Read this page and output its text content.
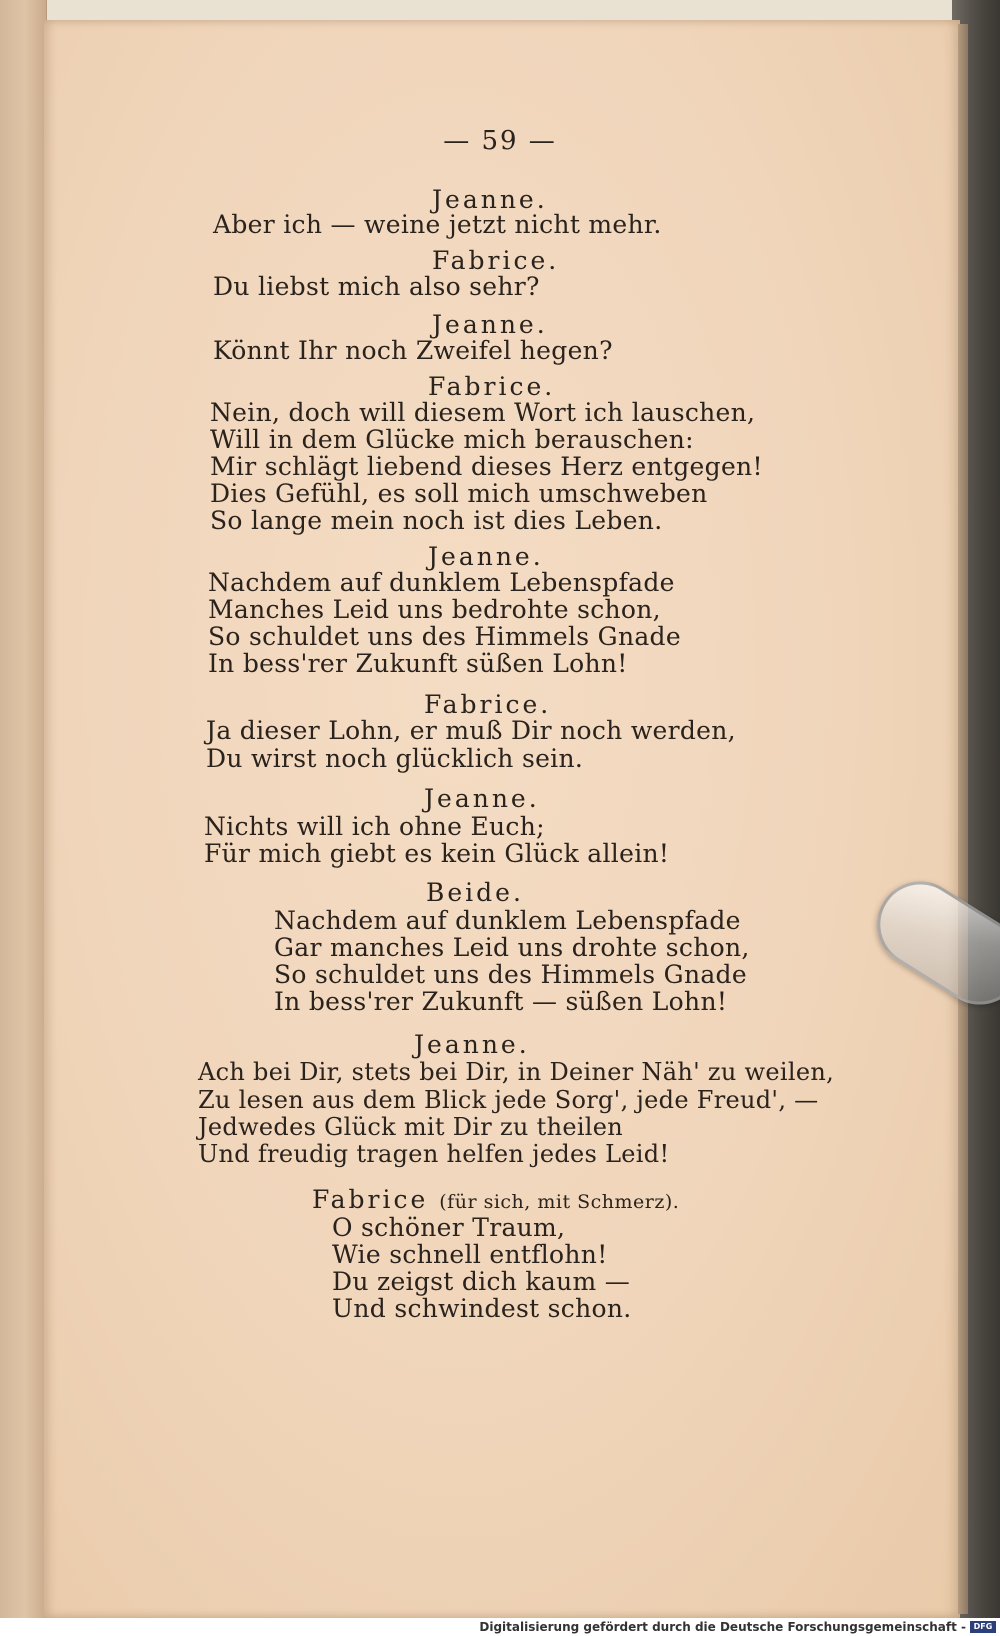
— 59 —
Jeanne.
Aber ich — weine jetzt nicht mehr.
Fabrice.
Du liebst mich also sehr?
Jeanne.
Könnt Ihr noch Zweifel hegen?
Fabrice.
Nein, doch will diesem Wort ich lauschen,
Will in dem Glücke mich berauschen:
Mir schlägt liebend dieses Herz entgegen!
Dies Gefühl, es soll mich umschweben
So lange mein noch ist dies Leben.
Jeanne.
Nachdem auf dunklem Lebenspfade
Manches Leid uns bedrohte schon,
So schuldet uns des Himmels Gnade
In bess'rer Zukunft süßen Lohn!
Fabrice.
Ja dieser Lohn, er muß Dir noch werden,
Du wirst noch glücklich sein.
Jeanne.
Nichts will ich ohne Euch;
Für mich giebt es kein Glück allein!
Beide.
Nachdem auf dunklem Lebenspfade
Gar manches Leid uns drohte schon,
So schuldet uns des Himmels Gnade
In bess'rer Zukunft — süßen Lohn!
Jeanne.
Ach bei Dir, stets bei Dir, in Deiner Näh' zu weilen,
Zu lesen aus dem Blick jede Sorg', jede Freud', —
Jedwedes Glück mit Dir zu theilen
Und freudig tragen helfen jedes Leid!
Fabrice (für sich, mit Schmerz).
O schöner Traum,
Wie schnell entflohn!
Du zeigst dich kaum —
Und schwindest schon.
Digitalisierung gefördert durch die Deutsche Forschungsgemeinschaft - DFG
